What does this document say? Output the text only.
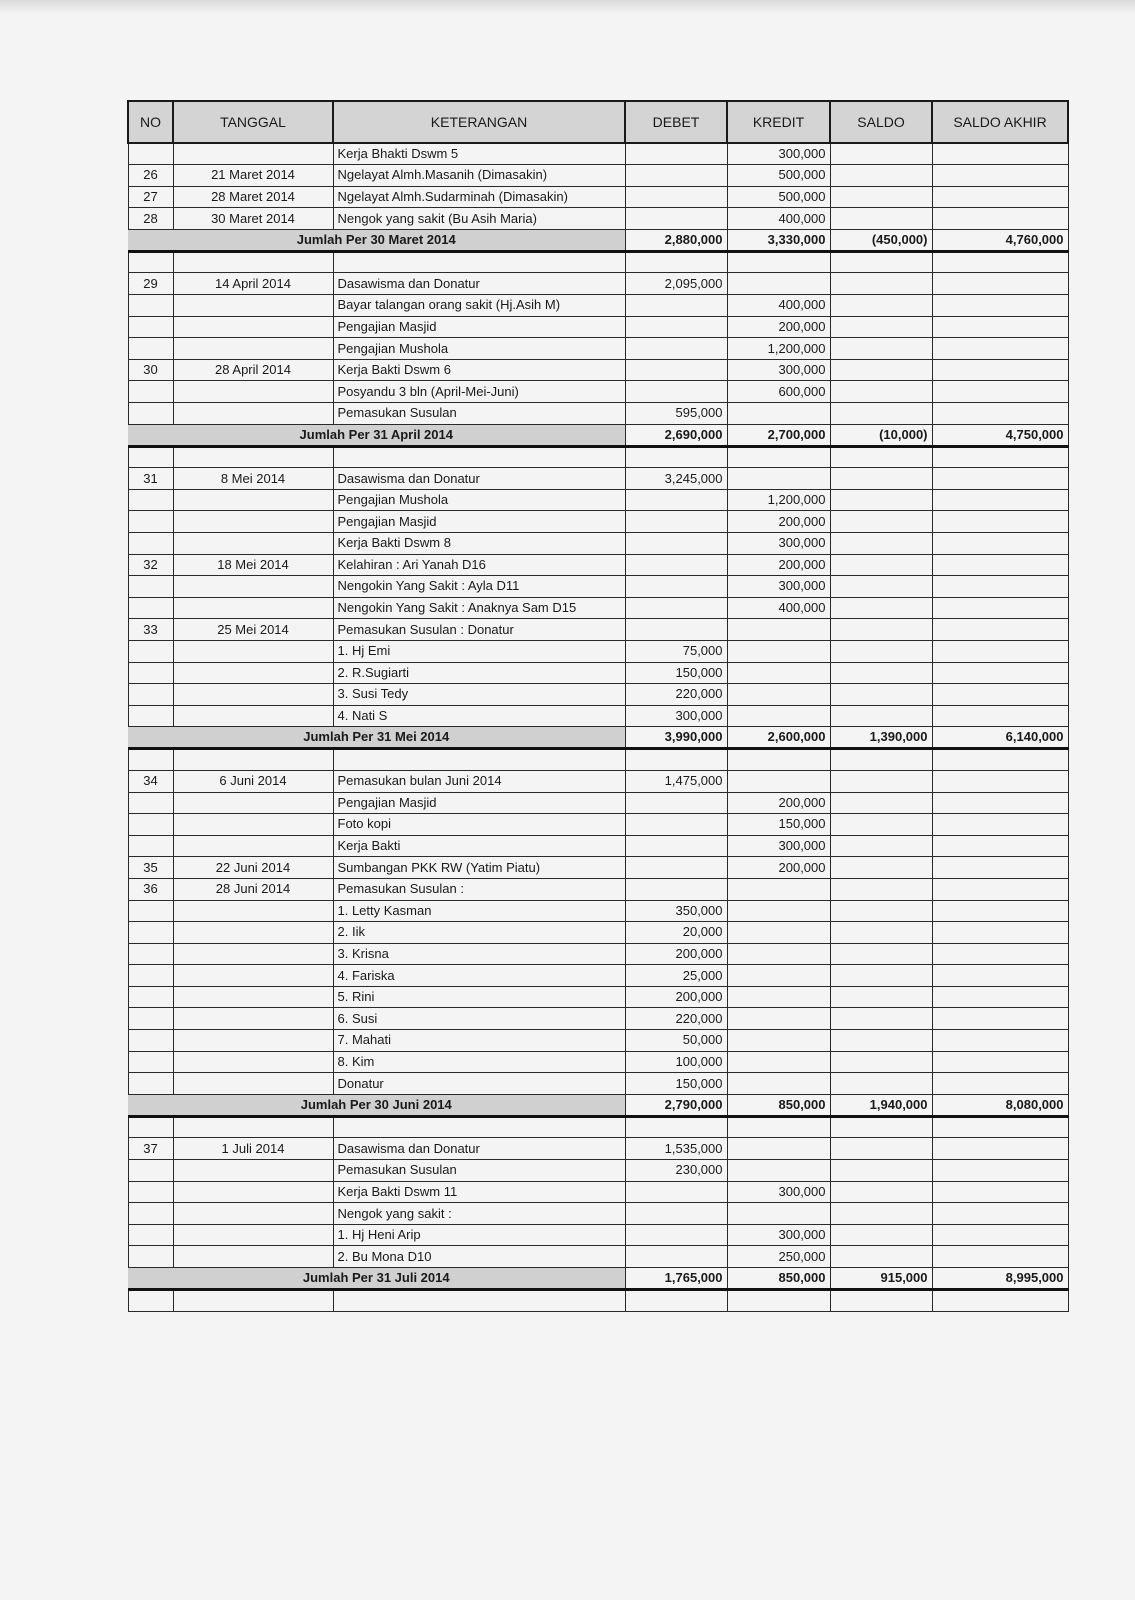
NO	TANGGAL	KETERANGAN	DEBET	KREDIT	SALDO	SALDO AKHIR
		Kerja Bhakti Dswm 5		300,000		
26	21 Maret 2014	Ngelayat Almh.Masanih (Dimasakin)		500,000		
27	28 Maret 2014	Ngelayat Almh.Sudarminah (Dimasakin)		500,000		
28	30 Maret 2014	Nengok yang sakit (Bu Asih Maria)		400,000		
Jumlah Per 30 Maret 2014			2,880,000	3,330,000	(450,000)	4,760,000

29	14 April 2014	Dasawisma dan Donatur	2,095,000			
		Bayar talangan orang sakit (Hj.Asih M)		400,000		
		Pengajian Masjid		200,000		
		Pengajian Mushola		1,200,000		
30	28 April 2014	Kerja Bakti Dswm 6		300,000		
		Posyandu 3 bln (April-Mei-Juni)		600,000		
		Pemasukan Susulan	595,000			
Jumlah Per 31 April 2014			2,690,000	2,700,000	(10,000)	4,750,000

31	8 Mei 2014	Dasawisma dan Donatur	3,245,000			
		Pengajian Mushola		1,200,000		
		Pengajian Masjid		200,000		
		Kerja Bakti Dswm 8		300,000		
32	18 Mei 2014	Kelahiran : Ari Yanah D16		200,000		
		Nengokin Yang Sakit : Ayla D11		300,000		
		Nengokin Yang Sakit : Anaknya Sam D15		400,000		
33	25 Mei 2014	Pemasukan Susulan : Donatur				
		1. Hj Emi	75,000			
		2. R.Sugiarti	150,000			
		3. Susi Tedy	220,000			
		4. Nati S	300,000			
Jumlah Per 31 Mei 2014			3,990,000	2,600,000	1,390,000	6,140,000

34	6 Juni 2014	Pemasukan bulan Juni 2014	1,475,000			
		Pengajian Masjid		200,000		
		Foto kopi		150,000		
		Kerja Bakti		300,000		
35	22 Juni 2014	Sumbangan PKK RW (Yatim Piatu)		200,000		
36	28 Juni 2014	Pemasukan Susulan :				
		1. Letty Kasman	350,000			
		2. Iik	20,000			
		3. Krisna	200,000			
		4. Fariska	25,000			
		5. Rini	200,000			
		6. Susi	220,000			
		7. Mahati	50,000			
		8. Kim	100,000			
		Donatur	150,000			
Jumlah Per 30 Juni 2014			2,790,000	850,000	1,940,000	8,080,000

37	1 Juli 2014	Dasawisma dan Donatur	1,535,000			
		Pemasukan Susulan	230,000			
		Kerja Bakti Dswm 11		300,000		
		Nengok yang sakit :				
		1. Hj Heni Arip		300,000		
		2. Bu Mona D10		250,000		
Jumlah Per 31 Juli 2014			1,765,000	850,000	915,000	8,995,000
